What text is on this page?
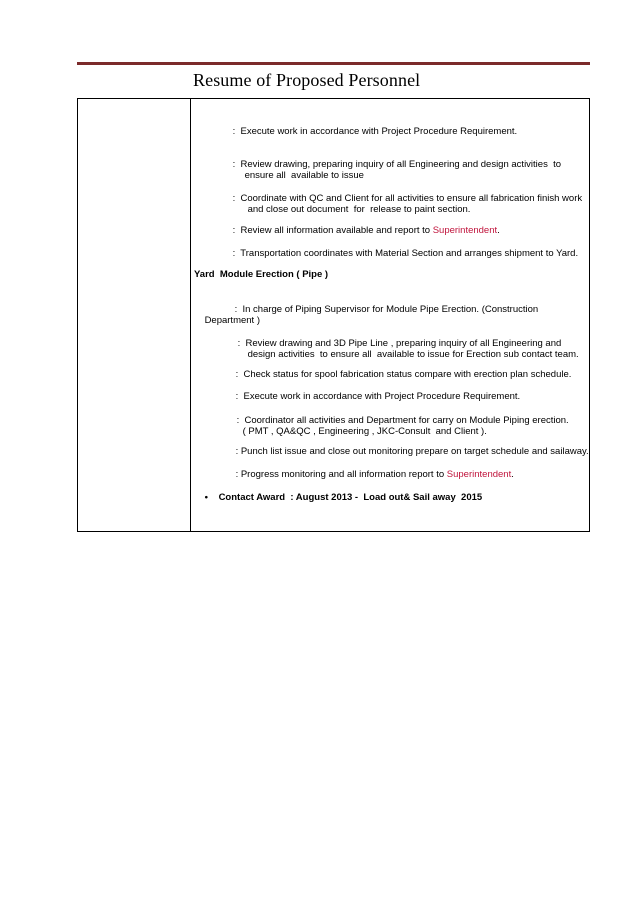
Resume of Proposed Personnel

:  Execute work in accordance with Project Procedure Requirement.

:  Review drawing, preparing inquiry of all Engineering and design activities  to

ensure all  available to issue

:  Coordinate with QC and Client for all activities to ensure all fabrication finish work

and close out document  for  release to paint section.

:  Review all information available and report to Superintendent.

:  Transportation coordinates with Material Section and arranges shipment to Yard.

Yard  Module Erection ( Pipe )

:  In charge of Piping Supervisor for Module Pipe Erection. (Construction

Department )

:  Review drawing and 3D Pipe Line , preparing inquiry of all Engineering and

design activities  to ensure all  available to issue for Erection sub contact team.

:  Check status for spool fabrication status compare with erection plan schedule.

:  Execute work in accordance with Project Procedure Requirement.

:  Coordinator all activities and Department for carry on Module Piping erection.

( PMT , QA&QC , Engineering , JKC-Consult  and Client ).

: Punch list issue and close out monitoring prepare on target schedule and sailaway.

: Progress monitoring and all information report to Superintendent.

• Contact Award  : August 2013 -  Load out& Sail away  2015
